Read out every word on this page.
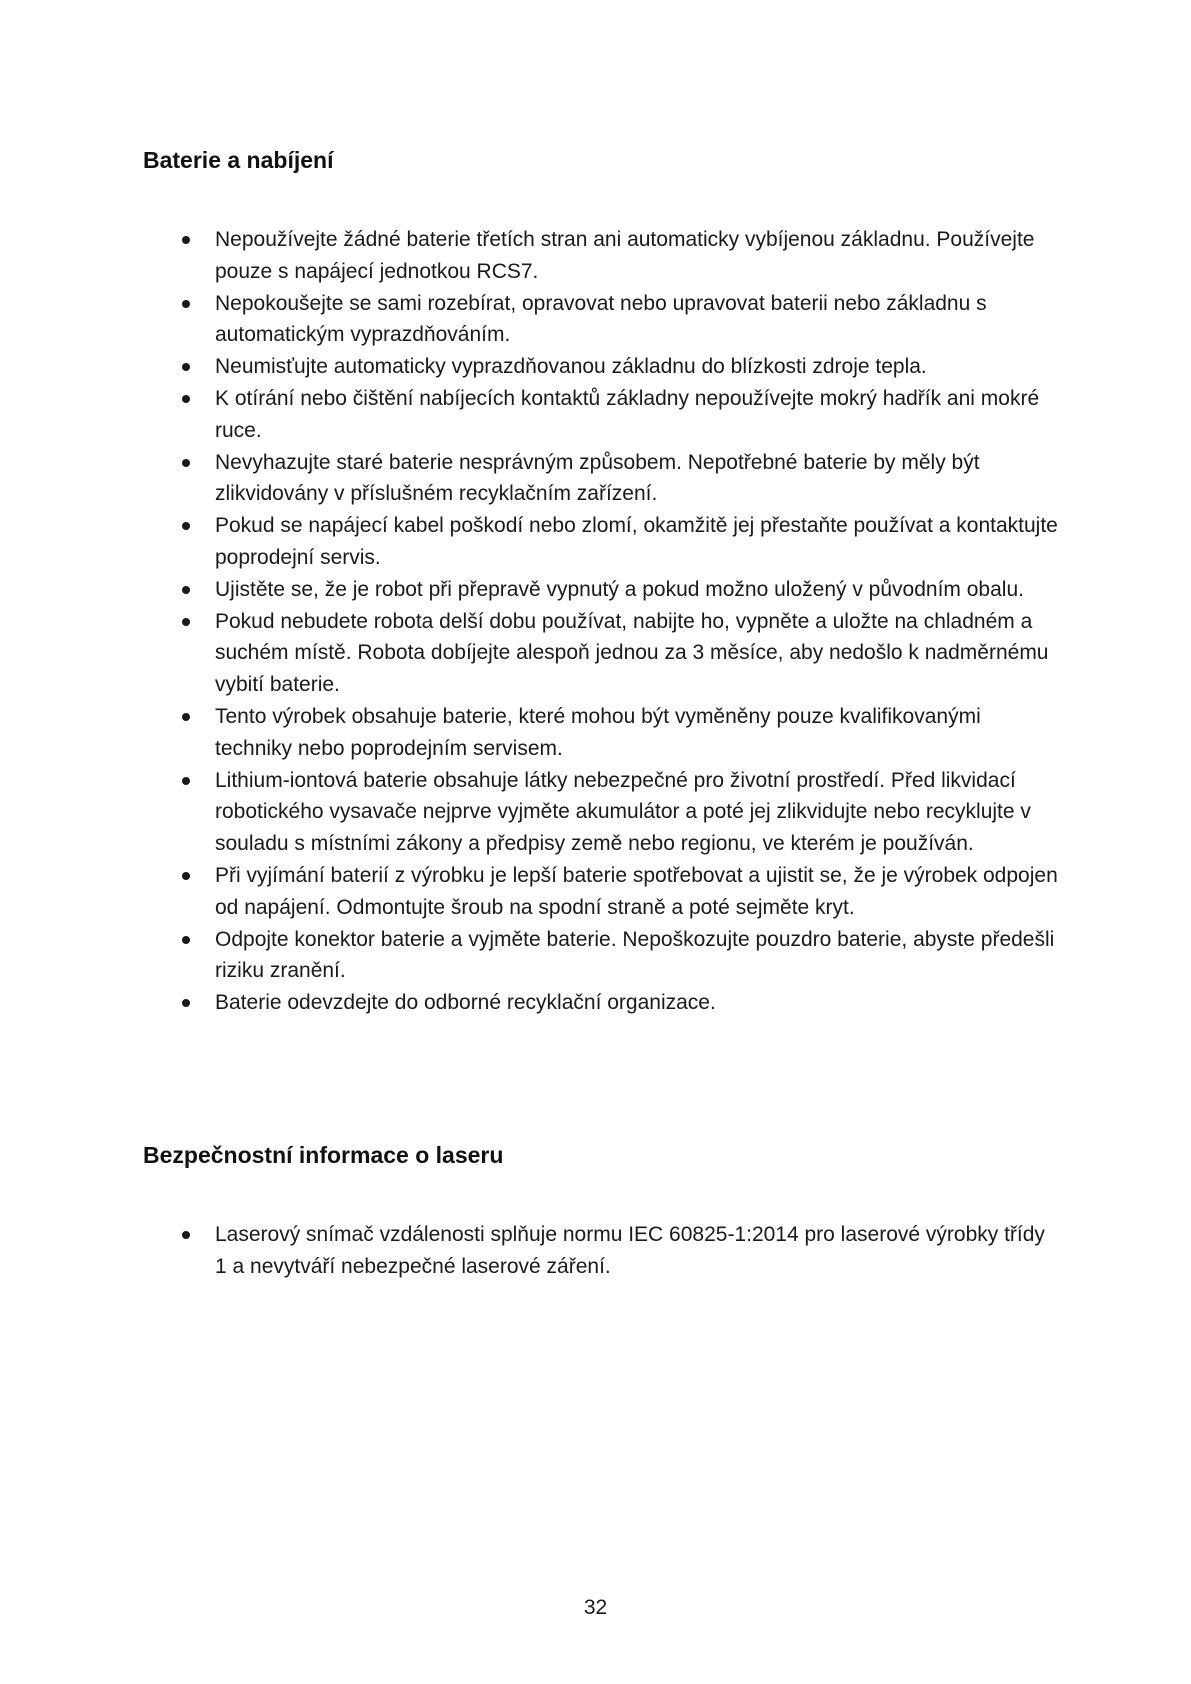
Baterie a nabíjení
Nepoužívejte žádné baterie třetích stran ani automaticky vybíjenou základnu. Používejte pouze s napájecí jednotkou RCS7.
Nepokoušejte se sami rozebírat, opravovat nebo upravovat baterii nebo základnu s automatickým vyprazdňováním.
Neumisťujte automaticky vyprazdňovanou základnu do blízkosti zdroje tepla.
K otírání nebo čištění nabíjecích kontaktů základny nepoužívejte mokrý hadřík ani mokré ruce.
Nevyhazujte staré baterie nesprávným způsobem. Nepotřebné baterie by měly být zlikvidovány v příslušném recyklačním zařízení.
Pokud se napájecí kabel poškodí nebo zlomí, okamžitě jej přestaňte používat a kontaktujte poprodejní servis.
Ujistěte se, že je robot při přepravě vypnutý a pokud možno uložený v původním obalu.
Pokud nebudete robota delší dobu používat, nabijte ho, vypněte a uložte na chladném a suchém místě. Robota dobíjejte alespoň jednou za 3 měsíce, aby nedošlo k nadměrnému vybití baterie.
Tento výrobek obsahuje baterie, které mohou být vyměněny pouze kvalifikovanými techniky nebo poprodejním servisem.
Lithium-iontová baterie obsahuje látky nebezpečné pro životní prostředí. Před likvidací robotického vysavače nejprve vyjměte akumulátor a poté jej zlikvidujte nebo recyklujte v souladu s místními zákony a předpisy země nebo regionu, ve kterém je používán.
Při vyjímání baterií z výrobku je lepší baterie spotřebovat a ujistit se, že je výrobek odpojen od napájení. Odmontujte šroub na spodní straně a poté sejměte kryt.
Odpojte konektor baterie a vyjměte baterie. Nepoškozujte pouzdro baterie, abyste předešli riziku zranění.
Baterie odevzdejte do odborné recyklační organizace.
Bezpečnostní informace o laseru
Laserový snímač vzdálenosti splňuje normu IEC 60825-1:2014 pro laserové výrobky třídy 1 a nevytváří nebezpečné laserové záření.
32
